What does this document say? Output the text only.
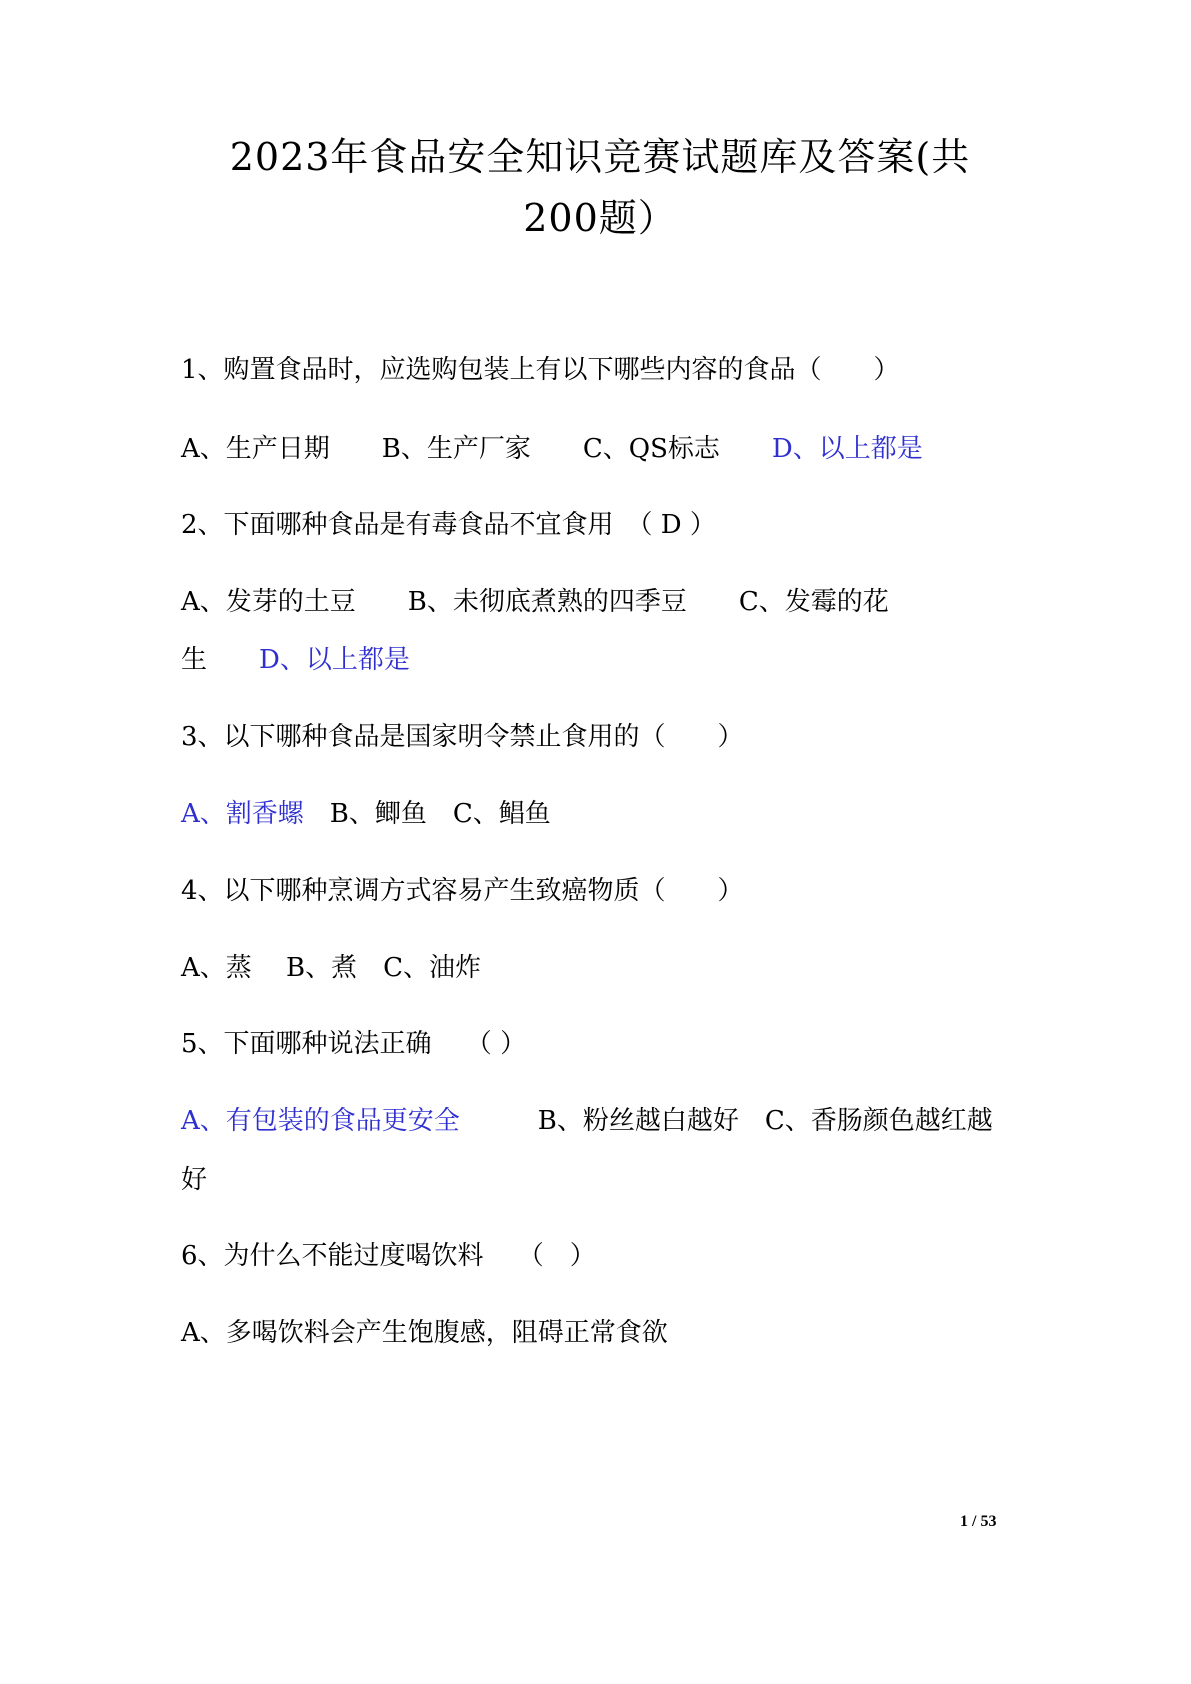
2023年食品安全知识竞赛试题库及答案(共
200题）
1、购置食品时，应选购包装上有以下哪些内容的食品（　　）
A、生产日期　　B、生产厂家　　C、QS标志　　D、以上都是
2、下面哪种食品是有毒食品不宜食用　（ D ）
A、发芽的土豆　　B、未彻底煮熟的四季豆　　C、发霉的花
生　　D、以上都是
3、以下哪种食品是国家明令禁止食用的（　　）
A、割香螺　B、鲫鱼　C、鲳鱼
4、以下哪种烹调方式容易产生致癌物质（　　）
A、蒸　 B、煮　C、油炸
5、下面哪种说法正确　 （ ）
A、有包装的食品更安全　　　B、粉丝越白越好　C、香肠颜色越红越
好
6、为什么不能过度喝饮料　 （　）
A、多喝饮料会产生饱腹感，阻碍正常食欲
1 / 53
